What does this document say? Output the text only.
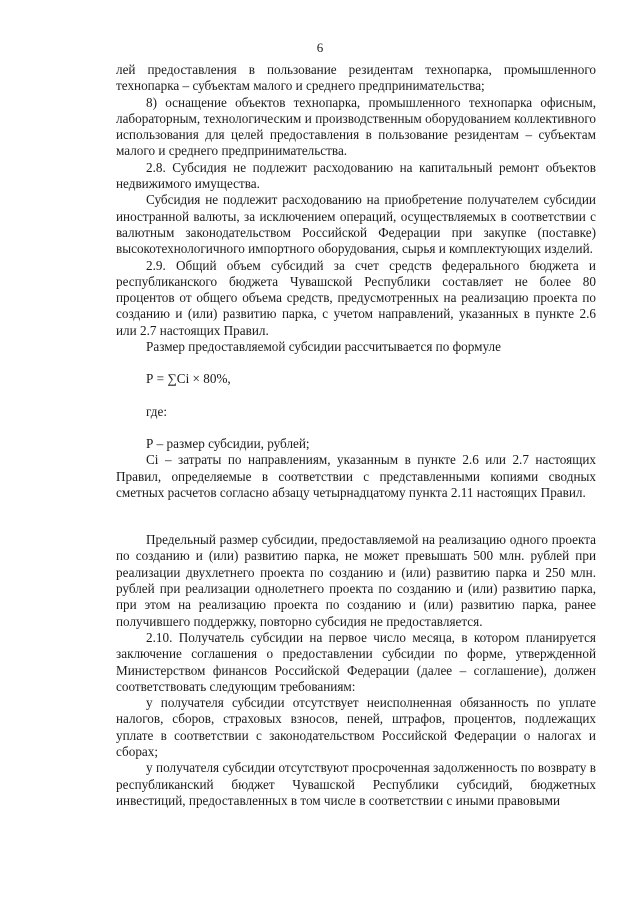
6

лей предоставления в пользование резидентам технопарка, промышленного технопарка – субъектам малого и среднего предпринимательства;

8) оснащение объектов технопарка, промышленного технопарка офисным, лабораторным, технологическим и производственным оборудованием коллективного использования для целей предоставления в пользование резидентам – субъектам малого и среднего предпринимательства.

2.8. Субсидия не подлежит расходованию на капитальный ремонт объектов недвижимого имущества.

Субсидия не подлежит расходованию на приобретение получателем субсидии иностранной валюты, за исключением операций, осуществляемых в соответствии с валютным законодательством Российской Федерации при закупке (поставке) высокотехнологичного импортного оборудования, сырья и комплектующих изделий.

2.9. Общий объем субсидий за счет средств федерального бюджета и республиканского бюджета Чувашской Республики составляет не более 80 процентов от общего объема средств, предусмотренных на реализацию проекта по созданию и (или) развитию парка, с учетом направлений, указанных в пункте 2.6 или 2.7 настоящих Правил.

Размер предоставляемой субсидии рассчитывается по формуле

Р = ∑Ci × 80%,

где:

Р – размер субсидии, рублей;

Ci – затраты по направлениям, указанным в пункте 2.6 или 2.7 настоящих Правил, определяемые в соответствии с представленными копиями сводных сметных расчетов согласно абзацу четырнадцатому пункта 2.11 настоящих Правил.

Предельный размер субсидии, предоставляемой на реализацию одного проекта по созданию и (или) развитию парка, не может превышать 500 млн. рублей при реализации двухлетнего проекта по созданию и (или) развитию парка и 250 млн. рублей при реализации однолетнего проекта по созданию и (или) развитию парка, при этом на реализацию проекта по созданию и (или) развитию парка, ранее получившего поддержку, повторно субсидия не предоставляется.

2.10. Получатель субсидии на первое число месяца, в котором планируется заключение соглашения о предоставлении субсидии по форме, утвержденной Министерством финансов Российской Федерации (далее – соглашение), должен соответствовать следующим требованиям:

у получателя субсидии отсутствует неисполненная обязанность по уплате налогов, сборов, страховых взносов, пеней, штрафов, процентов, подлежащих уплате в соответствии с законодательством Российской Федерации о налогах и сборах;

у получателя субсидии отсутствуют просроченная задолженность по возврату в республиканский бюджет Чувашской Республики субсидий, бюджетных инвестиций, предоставленных в том числе в соответствии с иными правовыми
